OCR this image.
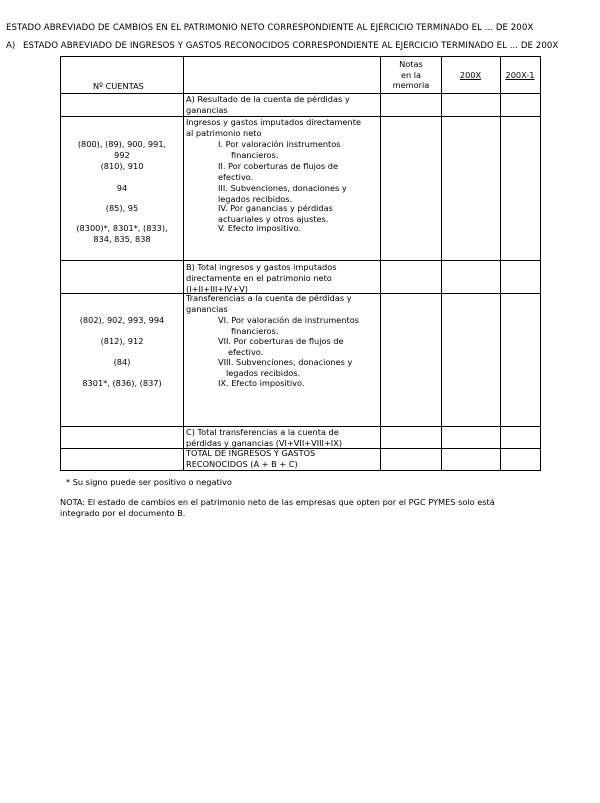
ESTADO ABREVIADO DE CAMBIOS EN EL PATRIMONIO NETO CORRESPONDIENTE AL EJERCICIO TERMINADO EL ... DE 200X
A) ESTADO ABREVIADO DE INGRESOS Y GASTOS RECONOCIDOS CORRESPONDIENTE AL EJERCICIO TERMINADO EL ... DE 200X
Nº CUENTAS
Notas
en la
memoria
200X	200X-1
A) Resultado de la cuenta de pérdidas y
ganancias
(800), (89), 900, 991,
992
(810), 910
94
(85), 95
(8300)*, 8301*, (833),
834, 835, 838
Ingresos y gastos imputados directamente
al patrimonio neto
I. Por valoración instrumentos
financieros.
II. Por coberturas de flujos de
efectivo.
III. Subvenciones, donaciones y
legados recibidos.
IV. Por ganancias y pérdidas
actuariales y otros ajustes.
V. Efecto impositivo.
B) Total ingresos y gastos imputados
directamente en el patrimonio neto
(I+II+III+IV+V)
(802), 902, 993, 994
(812), 912
(84)
8301*, (836), (837)
Transferencias a la cuenta de pérdidas y
ganancias
VI. Por valoración de instrumentos
financieros.
VII. Por coberturas de flujos de
efectivo.
VIII. Subvenciones, donaciones y
legados recibidos.
IX. Efecto impositivo.
C) Total transferencias a la cuenta de
pérdidas y ganancias (VI+VII+VIII+IX)
TOTAL DE INGRESOS Y GASTOS
RECONOCIDOS (A + B + C)
* Su signo puede ser positivo o negativo
NOTA: El estado de cambios en el patrimonio neto de las empresas que opten por el PGC PYMES solo está
integrado por el documento B.
